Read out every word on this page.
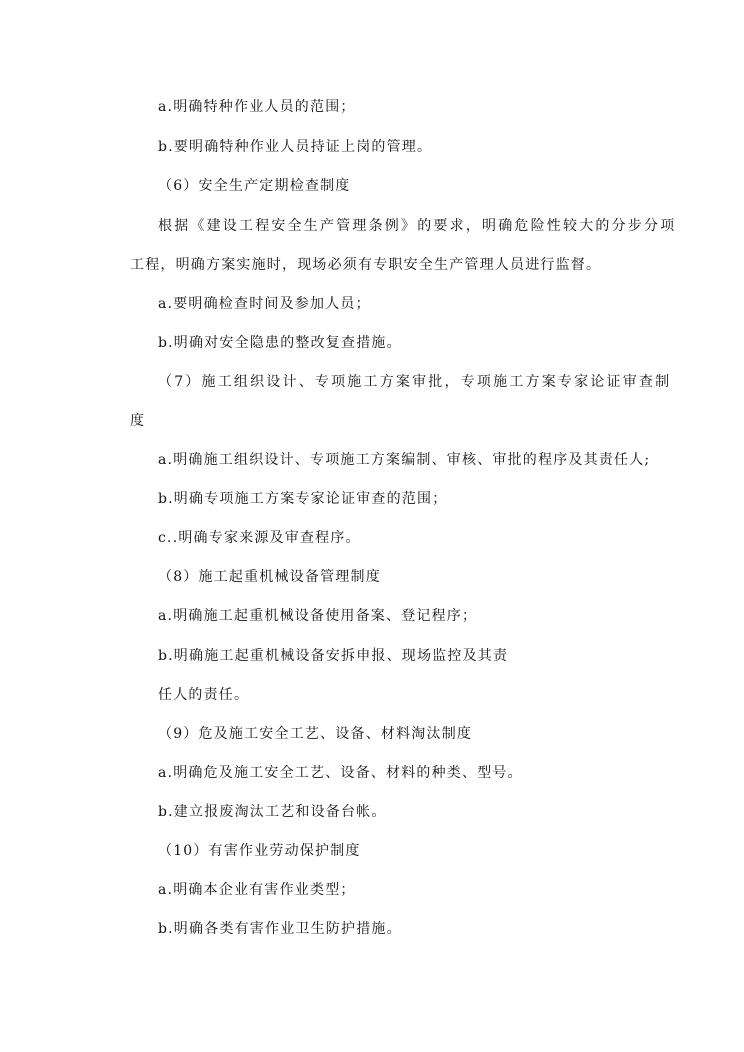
a.明确特种作业人员的范围；
b.要明确特种作业人员持证上岗的管理。
（6）安全生产定期检查制度
根据《建设工程安全生产管理条例》的要求，明确危险性较大的分步分项
工程，明确方案实施时，现场必须有专职安全生产管理人员进行监督。
a.要明确检查时间及参加人员；
b.明确对安全隐患的整改复查措施。
（7）施工组织设计、专项施工方案审批，专项施工方案专家论证审查制
度
a.明确施工组织设计、专项施工方案编制、审核、审批的程序及其责任人;
b.明确专项施工方案专家论证审查的范围；
c..明确专家来源及审查程序。
（8）施工起重机械设备管理制度
a.明确施工起重机械设备使用备案、登记程序；
b.明确施工起重机械设备安拆申报、现场监控及其责
任人的责任。
（9）危及施工安全工艺、设备、材料淘汰制度
a.明确危及施工安全工艺、设备、材料的种类、型号。
b.建立报废淘汰工艺和设备台帐。
（10）有害作业劳动保护制度
a.明确本企业有害作业类型；
b.明确各类有害作业卫生防护措施。
